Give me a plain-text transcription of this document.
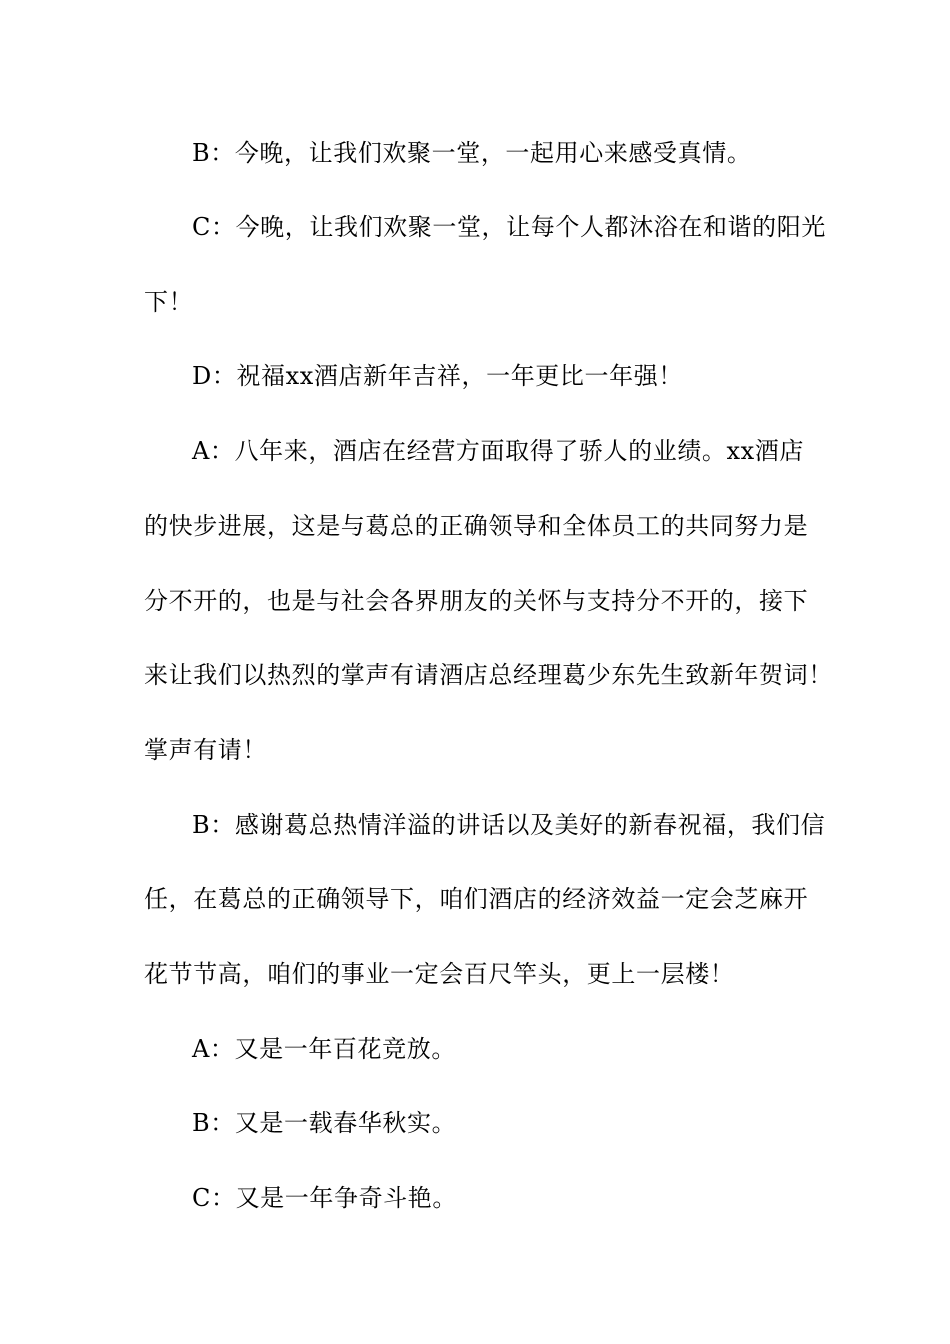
B：今晚，让我们欢聚一堂，一起用心来感受真情。
C：今晚，让我们欢聚一堂，让每个人都沐浴在和谐的阳光
下！
D：祝福xx酒店新年吉祥，一年更比一年强！
A：八年来，酒店在经营方面取得了骄人的业绩。xx酒店
的快步进展，这是与葛总的正确领导和全体员工的共同努力是
分不开的，也是与社会各界朋友的关怀与支持分不开的，接下
来让我们以热烈的掌声有请酒店总经理葛少东先生致新年贺词！
掌声有请！
B：感谢葛总热情洋溢的讲话以及美好的新春祝福，我们信
任，在葛总的正确领导下，咱们酒店的经济效益一定会芝麻开
花节节高，咱们的事业一定会百尺竿头，更上一层楼！
A：又是一年百花竞放。
B：又是一载春华秋实。
C：又是一年争奇斗艳。
